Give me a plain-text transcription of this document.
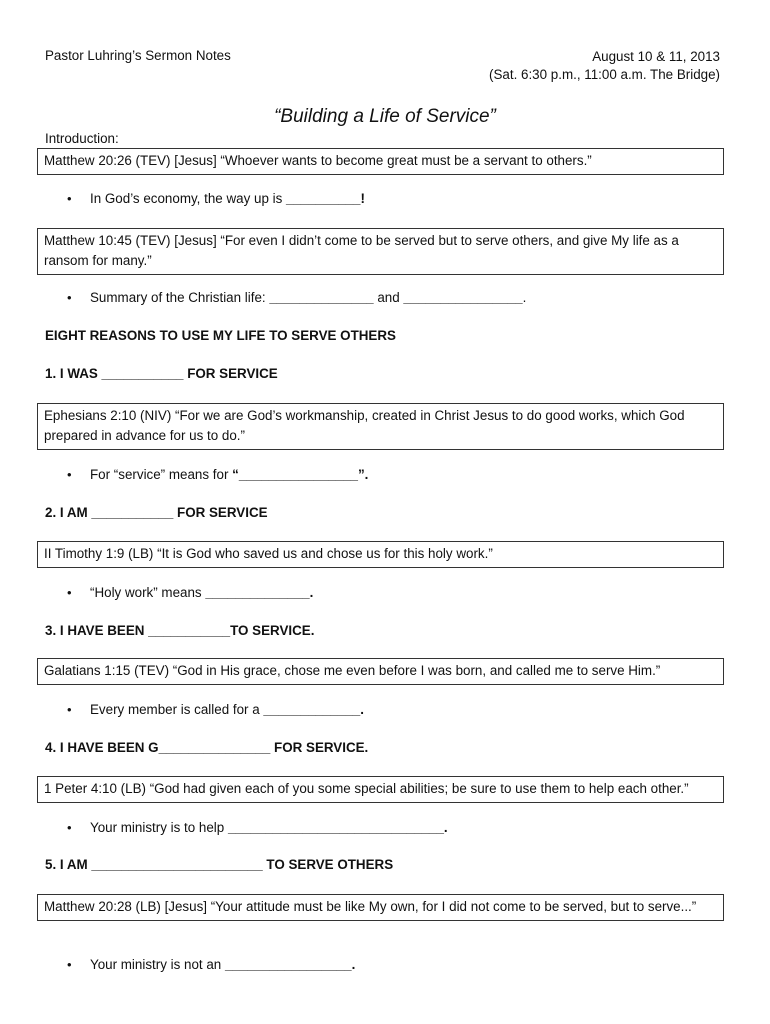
Pastor Luhring’s Sermon Notes	August 10 & 11, 2013
(Sat. 6:30 p.m., 11:00 a.m. The Bridge)
“Building a Life of Service”
Introduction:
Matthew 20:26 (TEV) [Jesus] “Whoever wants to become great must be a servant to others.”
• In God’s economy, the way up is __________!
Matthew 10:45 (TEV) [Jesus] “For even I didn’t come to be served but to serve others, and give My life as a ransom for many.”
• Summary of the Christian life: ______________ and ________________.
EIGHT REASONS TO USE MY LIFE TO SERVE OTHERS
1. I WAS ___________ FOR SERVICE
Ephesians 2:10 (NIV) “For we are God’s workmanship, created in Christ Jesus to do good works, which God prepared in advance for us to do.”
• For “service” means for “________________”.
2. I AM ___________ FOR SERVICE
II Timothy 1:9 (LB) “It is God who saved us and chose us for this holy work.”
• “Holy work” means ______________.
3. I HAVE BEEN ___________TO SERVICE.
Galatians 1:15 (TEV) “God in His grace, chose me even before I was born, and called me to serve Him.”
• Every member is called for a _____________.
4. I HAVE BEEN G_______________ FOR SERVICE.
1 Peter 4:10 (LB) “God had given each of you some special abilities; be sure to use them to help each other.”
• Your ministry is to help _____________________________.
5. I AM _______________________ TO SERVE OTHERS
Matthew 20:28 (LB) [Jesus] “Your attitude must be like My own, for I did not come to be served, but to serve...”
• Your ministry is not an _________________.
